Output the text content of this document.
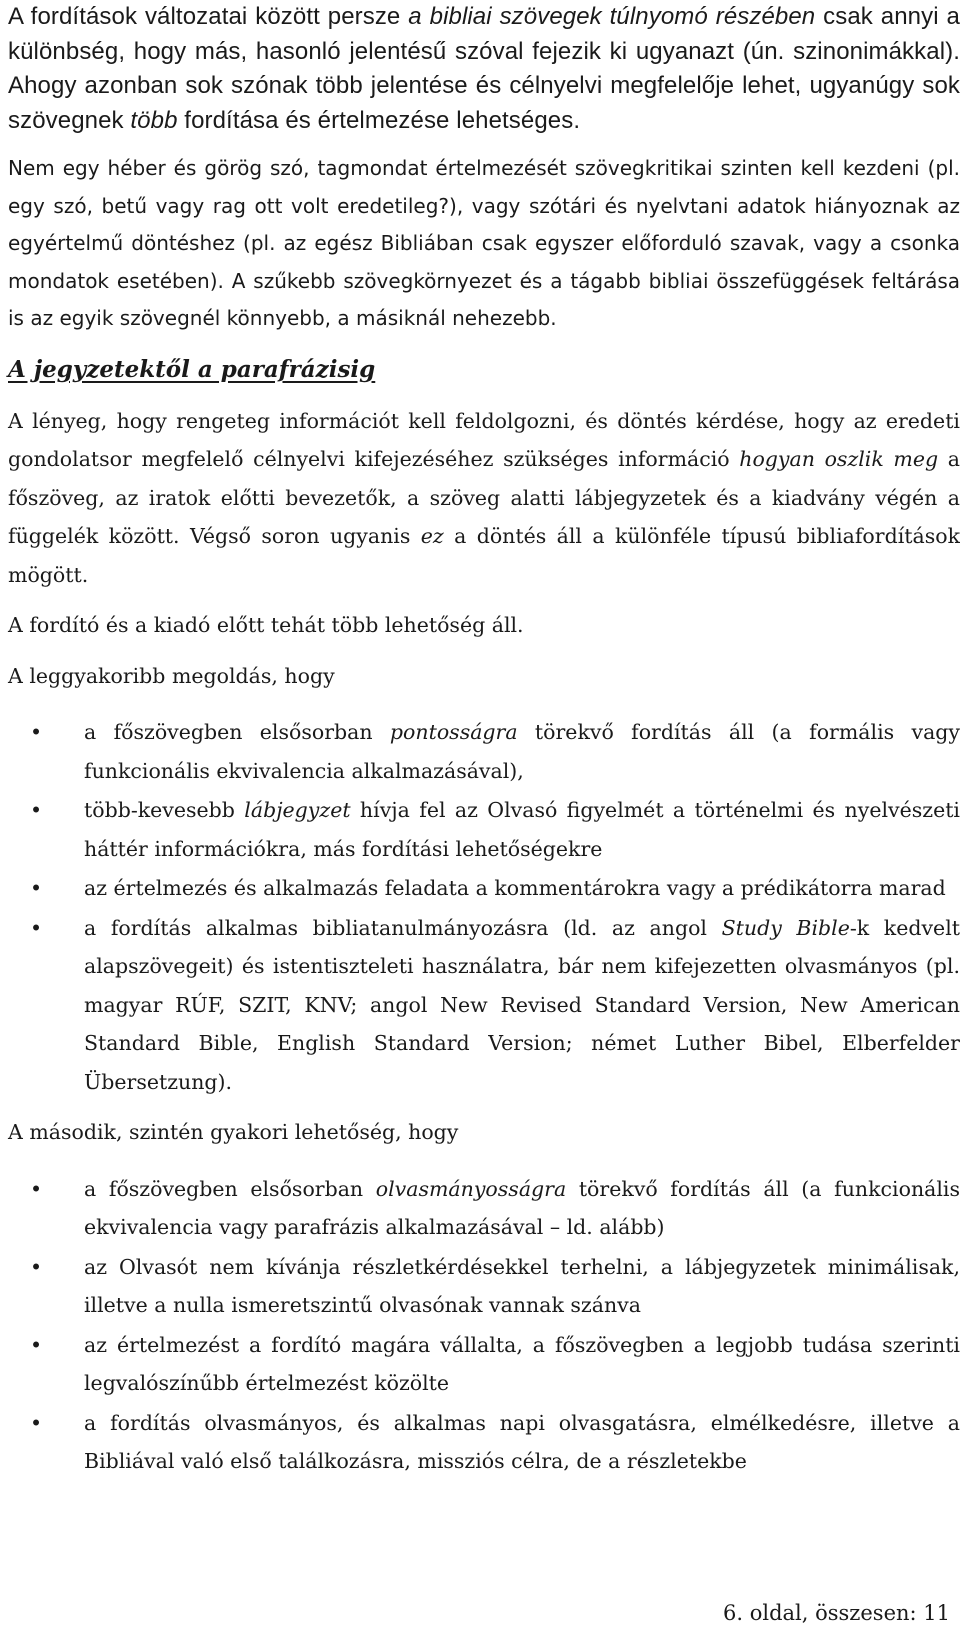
A fordítások változatai között persze a bibliai szövegek túlnyomó részében csak annyi a különbség, hogy más, hasonló jelentésű szóval fejezik ki ugyanazt (ún. szinonimákkal). Ahogy azonban sok szónak több jelentése és célnyelvi megfelelője lehet, ugyanúgy sok szövegnek több fordítása és értelmezése lehetséges.

Nem egy héber és görög szó, tagmondat értelmezését szövegkritikai szinten kell kezdeni (pl. egy szó, betű vagy rag ott volt eredetileg?), vagy szótári és nyelvtani adatok hiányoznak az egyértelmű döntéshez (pl. az egész Bibliában csak egyszer előforduló szavak, vagy a csonka mondatok esetében). A szűkebb szövegkörnyezet és a tágabb bibliai összefüggések feltárása is az egyik szövegnél könnyebb, a másiknál nehezebb.

A jegyzetektől a parafrázisig

A lényeg, hogy rengeteg információt kell feldolgozni, és döntés kérdése, hogy az eredeti gondolatsor megfelelő célnyelvi kifejezéséhez szükséges információ hogyan oszlik meg a főszöveg, az iratok előtti bevezetők, a szöveg alatti lábjegyzetek és a kiadvány végén a függelék között. Végső soron ugyanis ez a döntés áll a különféle típusú bibliafordítások mögött.

A fordító és a kiadó előtt tehát több lehetőség áll.

A leggyakoribb megoldás, hogy

•	a főszövegben elsősorban pontosságra törekvő fordítás áll (a formális vagy funkcionális ekvivalencia alkalmazásával),
•	több-kevesebb lábjegyzet hívja fel az Olvasó figyelmét a történelmi és nyelvészeti háttér információkra, más fordítási lehetőségekre
•	az értelmezés és alkalmazás feladata a kommentárokra vagy a prédikátorra marad
•	a fordítás alkalmas bibliatanulmányozásra (ld. az angol Study Bible-k kedvelt alapszövegeit) és istentiszteleti használatra, bár nem kifejezetten olvasmányos (pl. magyar RÚF, SZIT, KNV; angol New Revised Standard Version, New American Standard Bible, English Standard Version; német Luther Bibel, Elberfelder Übersetzung).

A második, szintén gyakori lehetőség, hogy

•	a főszövegben elsősorban olvasmányosságra törekvő fordítás áll (a funkcionális ekvivalencia vagy parafrázis alkalmazásával – ld. alább)
•	az Olvasót nem kívánja részletkérdésekkel terhelni, a lábjegyzetek minimálisak, illetve a nulla ismeretszintű olvasónak vannak szánva
•	az értelmezést a fordító magára vállalta, a főszövegben a legjobb tudása szerinti legvalószínűbb értelmezést közölte
•	a fordítás olvasmányos, és alkalmas napi olvasgatásra, elmélkedésre, illetve a Bibliával való első találkozásra, missziós célra, de a részletekbe
6. oldal, összesen: 11
